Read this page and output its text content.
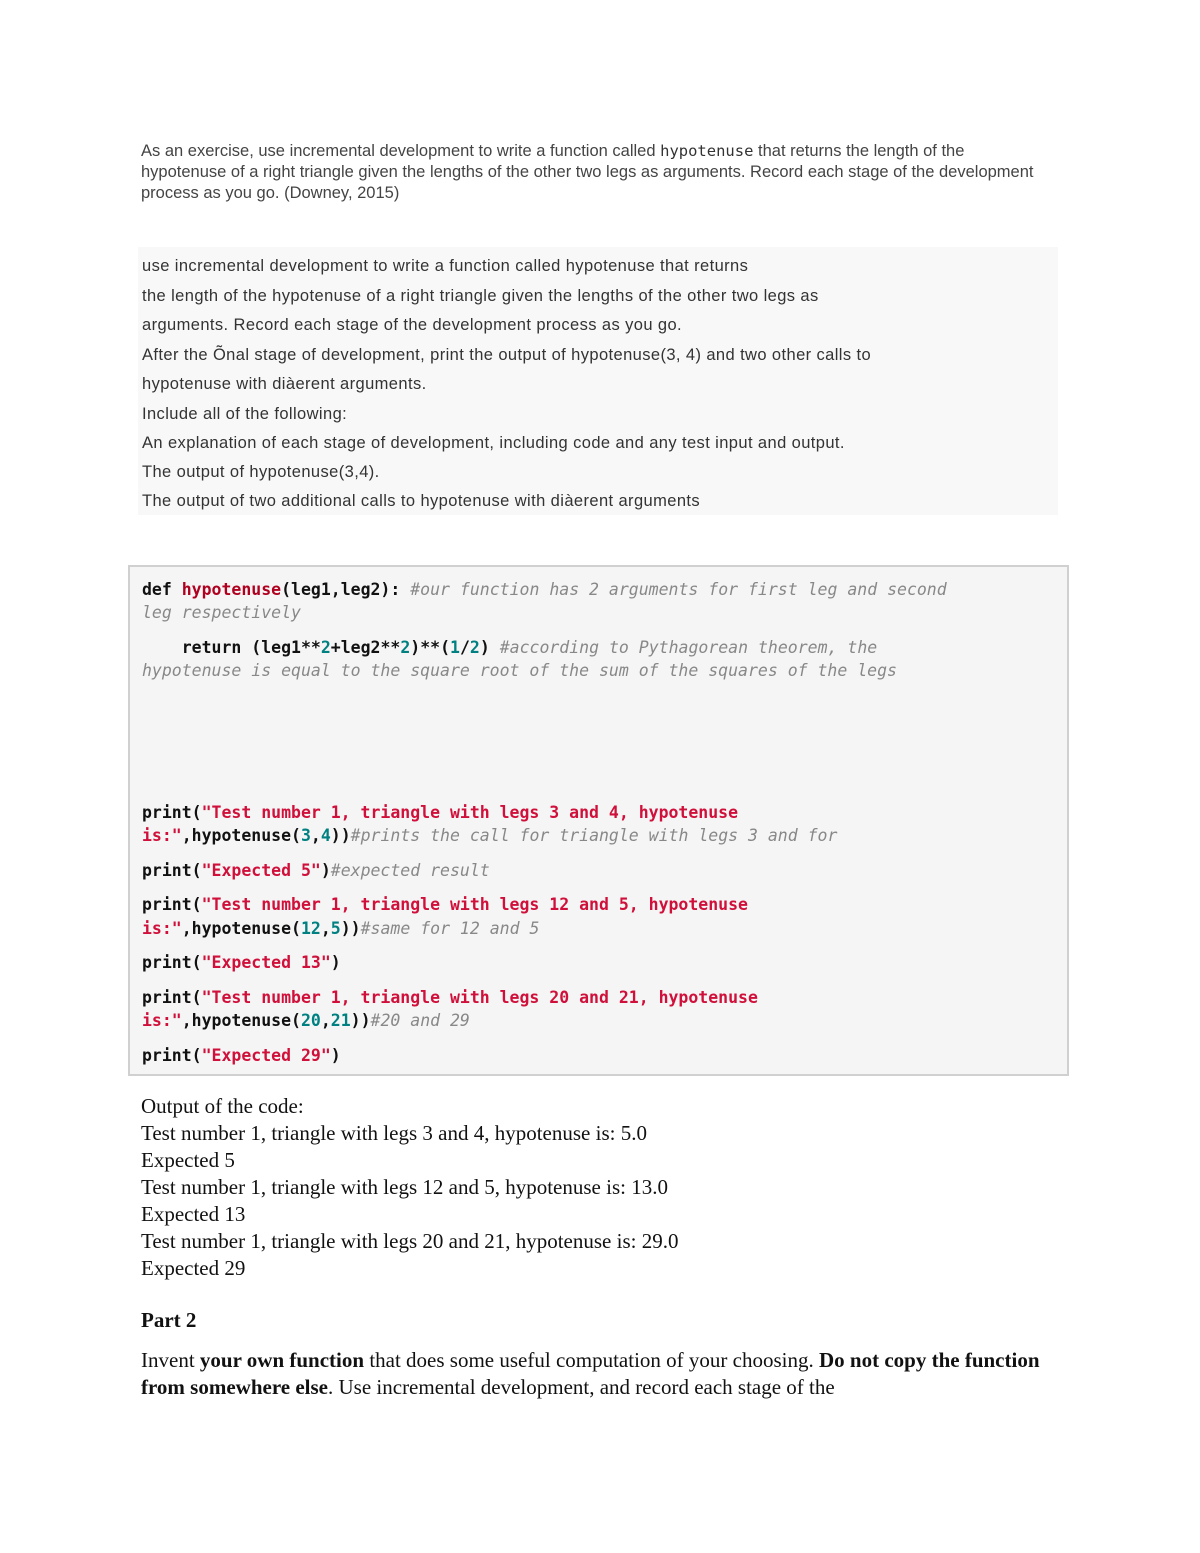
As an exercise, use incremental development to write a function called hypotenuse that returns the length of the hypotenuse of a right triangle given the lengths of the other two legs as arguments. Record each stage of the development process as you go. (Downey, 2015)
use incremental development to write a function called hypotenuse that returns
the length of the hypotenuse of a right triangle given the lengths of the other two legs as
arguments. Record each stage of the development process as you go.
After the Õnal stage of development, print the output of hypotenuse(3, 4) and two other calls to
hypotenuse with diàerent arguments.
Include all of the following:
An explanation of each stage of development, including code and any test input and output.
The output of hypotenuse(3,4).
The output of two additional calls to hypotenuse with diàerent arguments
def hypotenuse(leg1,leg2): #our function has 2 arguments for first leg and second
leg respectively
return (leg1**2+leg2**2)**(1/2) #according to Pythagorean theorem, the
hypotenuse is equal to the square root of the sum of the squares of the legs
print("Test number 1, triangle with legs 3 and 4, hypotenuse
is:",hypotenuse(3,4))#prints the call for triangle with legs 3 and for
print("Expected 5")#expected result
print("Test number 1, triangle with legs 12 and 5, hypotenuse
is:",hypotenuse(12,5))#same for 12 and 5
print("Expected 13")
print("Test number 1, triangle with legs 20 and 21, hypotenuse
is:",hypotenuse(20,21))#20 and 29
print("Expected 29")
Output of the code:
Test number 1, triangle with legs 3 and 4, hypotenuse is: 5.0
Expected 5
Test number 1, triangle with legs 12 and 5, hypotenuse is: 13.0
Expected 13
Test number 1, triangle with legs 20 and 21, hypotenuse is: 29.0
Expected 29
Part 2
Invent your own function that does some useful computation of your choosing. Do not copy the function from somewhere else. Use incremental development, and record each stage of the
